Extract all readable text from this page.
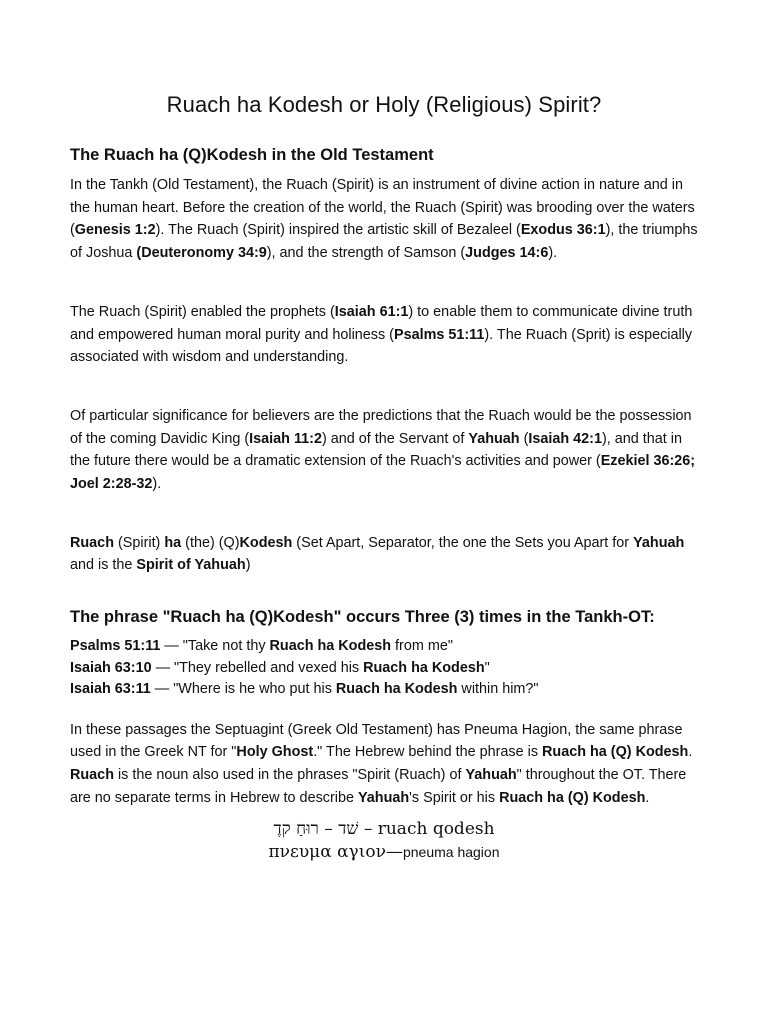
Ruach ha Kodesh or Holy (Religious) Spirit?
The Ruach ha (Q)Kodesh in the Old Testament

In the Tankh (Old Testament), the Ruach (Spirit) is an instrument of divine action in nature and in the human heart. Before the creation of the world, the Ruach (Spirit) was brooding over the waters (Genesis 1:2). The Ruach (Spirit) inspired the artistic skill of Bezaleel (Exodus 36:1), the triumphs of Joshua (Deuteronomy 34:9), and the strength of Samson (Judges 14:6).

The Ruach (Spirit) enabled the prophets (Isaiah 61:1) to enable them to communicate divine truth and empowered human moral purity and holiness (Psalms 51:11). The Ruach (Sprit) is especially associated with wisdom and understanding.

Of particular significance for believers are the predictions that the Ruach would be the possession of the coming Davidic King (Isaiah 11:2) and of the Servant of Yahuah (Isaiah 42:1), and that in the future there would be a dramatic extension of the Ruach's activities and power (Ezekiel 36:26; Joel 2:28-32).

Ruach (Spirit) ha (the) (Q)Kodesh (Set Apart, Separator, the one the Sets you Apart for Yahuah and is the Spirit of Yahuah)

The phrase "Ruach ha (Q)Kodesh" occurs Three (3) times in the Tankh-OT:

Psalms 51:11 — "Take not thy Ruach ha Kodesh from me"

Isaiah 63:10 — "They rebelled and vexed his Ruach ha Kodesh"

Isaiah 63:11 — "Where is he who put his Ruach ha Kodesh within him?"

In these passages the Septuagint (Greek Old Testament) has Pneuma Hagion, the same phrase used in the Greek NT for "Holy Ghost." The Hebrew behind the phrase is Ruach ha (Q) Kodesh. Ruach is the noun also used in the phrases "Spirit (Ruach) of Yahuah" throughout the OT. There are no separate terms in Hebrew to describe Yahuah's Spirit or his Ruach ha (Q) Kodesh.

שׁד – רוּחַ קדֶ – ruach qodesh
πνευμα αγιον—pneuma hagion
